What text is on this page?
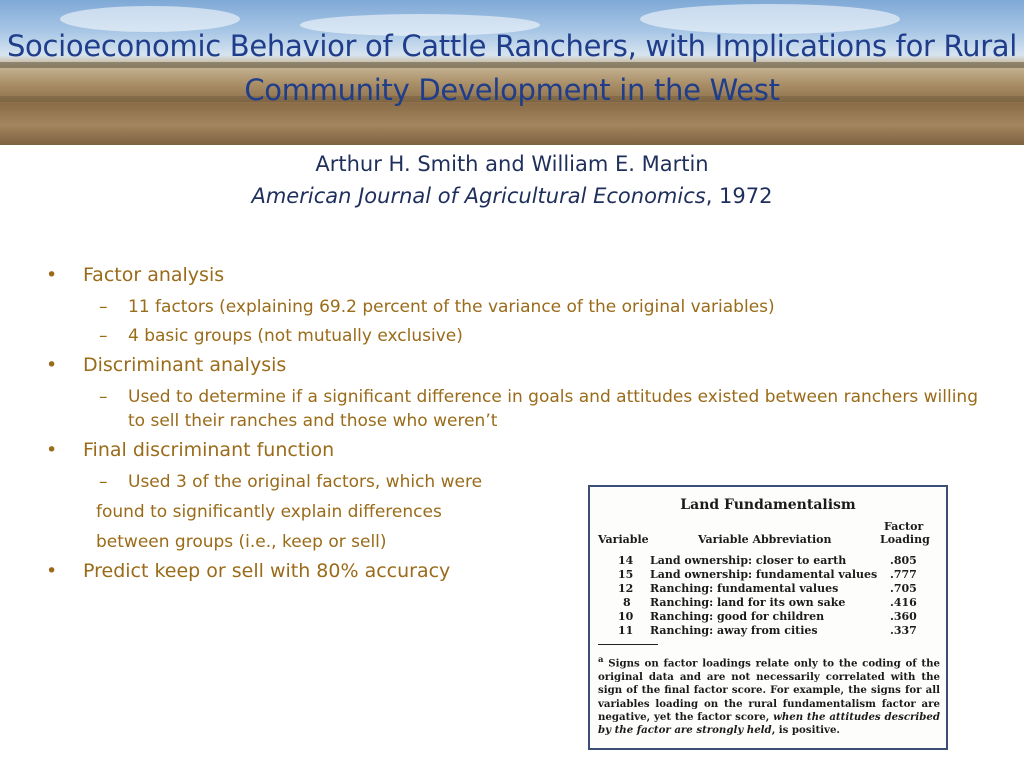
Socioeconomic Behavior of Cattle Ranchers, with Implications for Rural Community Development in the West
Arthur H. Smith and William E. Martin
American Journal of Agricultural Economics, 1972
• Factor analysis
– 11 factors (explaining 69.2 percent of the variance of the original variables)
– 4 basic groups (not mutually exclusive)
• Discriminant analysis
– Used to determine if a significant difference in goals and attitudes existed between ranchers willing to sell their ranches and those who weren’t
• Final discriminant function
– Used 3 of the original factors, which were
found to significantly explain differences
between groups (i.e., keep or sell)
• Predict keep or sell with 80% accuracy
Land Fundamentalism
Variable	Variable Abbreviation
Factor
Loading
14 Land ownership: closer to earth	.805
15 Land ownership: fundamental values .777
12 Ranching: fundamental values	.705
8 Ranching: land for its own sake	.416
10 Ranching: good for children	.360
11 Ranching: away from cities	.337
$^a$ Signs on factor loadings relate only to the coding of the original data and are not necessarily correlated with the sign of the final factor score. For example, the signs for all variables loading on the rural fundamentalism factor are negative, yet the factor score, when the attitudes described by the factor are strongly held, is positive.
